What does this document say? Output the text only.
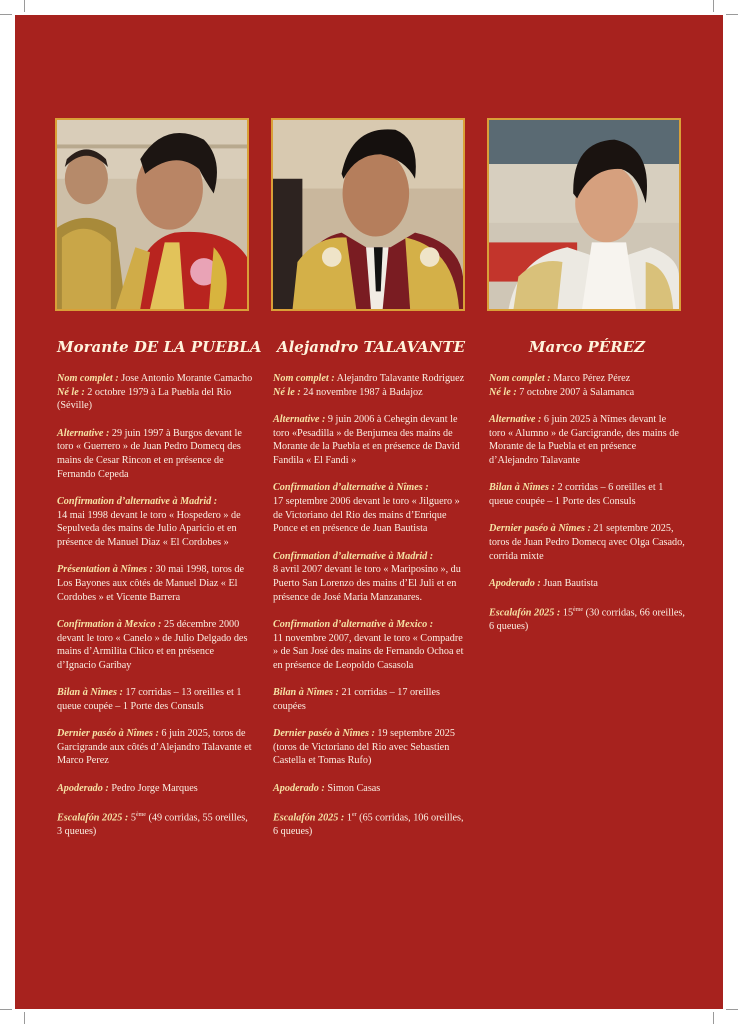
Morante DE LA PUEBLA
Nom complet : Jose Antonio Morante Camacho
Né le : 2 octobre 1979 à La Puebla del Rio (Séville)
Alternative : 29 juin 1997 à Burgos devant le toro « Guerrero » de Juan Pedro Domecq des mains de Cesar Rincon et en présence de Fernando Cepeda
Confirmation d’alternative à Madrid :
14 mai 1998 devant le toro « Hospedero » de Sepulveda des mains de Julio Aparicio et en présence de Manuel Diaz « El Cordobes »
Présentation à Nîmes : 30 mai 1998, toros de Los Bayones aux côtés de Manuel Diaz « El Cordobes » et Vicente Barrera
Confirmation à Mexico : 25 décembre 2000 devant le toro « Canelo » de Julio Delgado des mains d’Armilita Chico et en présence d’Ignacio Garibay
Bilan à Nîmes : 17 corridas – 13 oreilles et 1 queue coupée – 1 Porte des Consuls
Dernier paséo à Nîmes : 6 juin 2025, toros de Garcigrande aux côtés d’Alejandro Talavante et Marco Perez
Apoderado : Pedro Jorge Marques
Escalafón 2025 : 5ème (49 corridas, 55 oreilles, 3 queues)
Alejandro TALAVANTE
Nom complet : Alejandro Talavante Rodriguez
Né le : 24 novembre 1987 à Badajoz
Alternative : 9 juin 2006 à Cehegin devant le toro «Pesadilla » de Benjumea des mains de Morante de la Puebla et en présence de David Fandila « El Fandi »
Confirmation d’alternative à Nîmes :
17 septembre 2006 devant le toro « Jilguero » de Victoriano del Rio des mains d’Enrique Ponce et en présence de Juan Bautista
Confirmation d’alternative à Madrid :
8 avril 2007 devant le toro « Mariposino », du Puerto San Lorenzo des mains d’El Juli et en présence de José Maria Manzanares.
Confirmation d’alternative à Mexico :
11 novembre 2007, devant le toro « Compadre » de San José des mains de Fernando Ochoa et en présence de Leopoldo Casasola
Bilan à Nîmes : 21 corridas – 17 oreilles coupées
Dernier paséo à Nîmes : 19 septembre 2025 (toros de Victoriano del Rio avec Sebastien Castella et Tomas Rufo)
Apoderado : Simon Casas
Escalafón 2025 : 1er (65 corridas, 106 oreilles, 6 queues)
Marco PÉREZ
Nom complet : Marco Pérez Pérez
Né le : 7 octobre 2007 à Salamanca
Alternative : 6 juin 2025 à Nîmes devant le toro « Alumno » de Garcigrande, des mains de Morante de la Puebla et en présence d’Alejandro Talavante
Bilan à Nîmes : 2 corridas – 6 oreilles et 1 queue coupée – 1 Porte des Consuls
Dernier paséo à Nîmes : 21 septembre 2025, toros de Juan Pedro Domecq avec Olga Casado, corrida mixte
Apoderado : Juan Bautista
Escalafón 2025 : 15ème (30 corridas, 66 oreilles, 6 queues)
